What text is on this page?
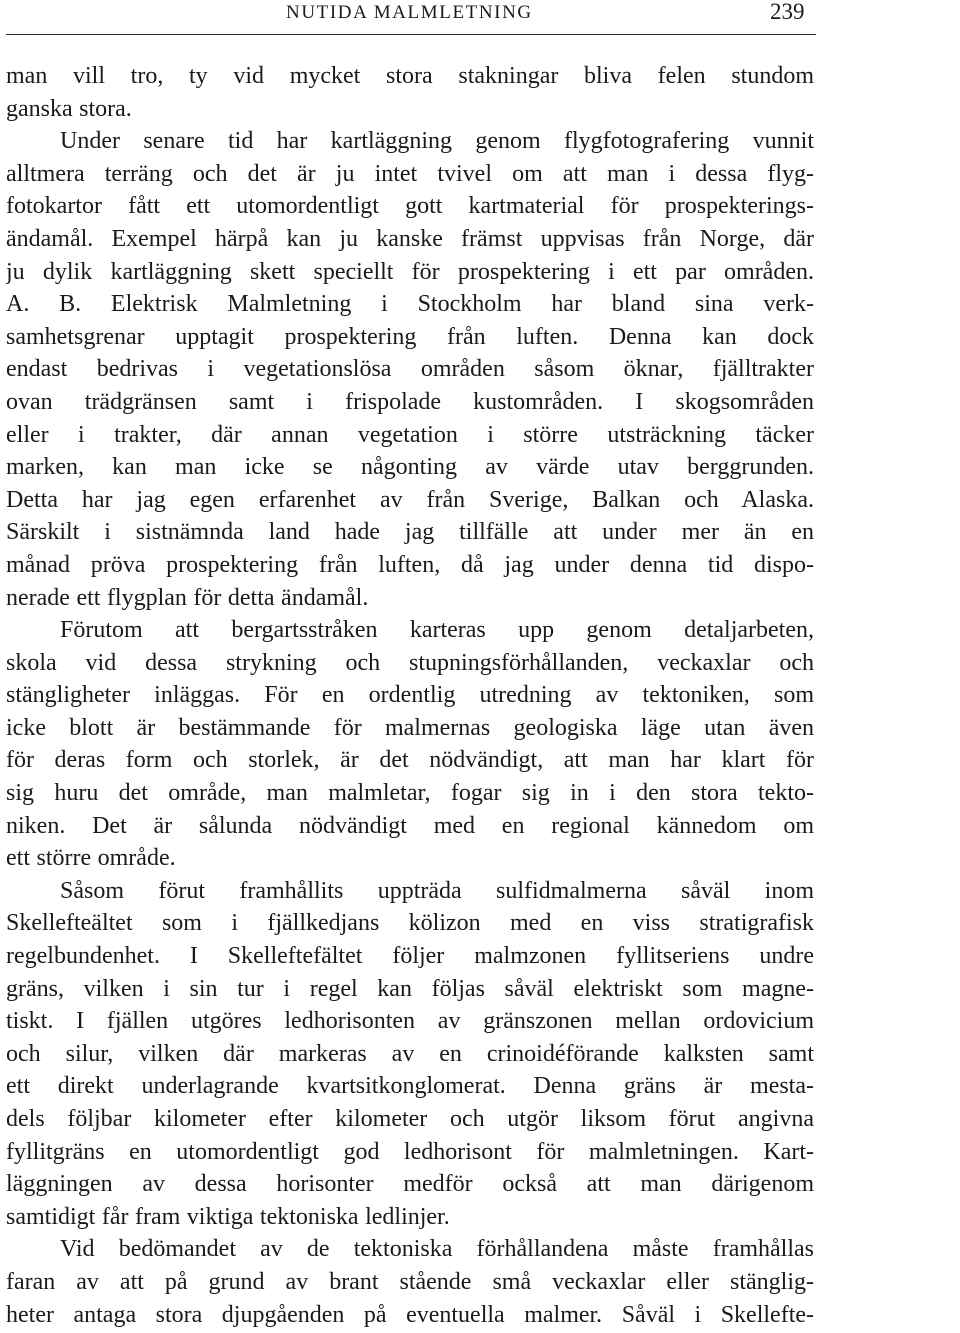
NUTIDA MALMLETNING	239
man vill tro, ty vid mycket stora stakningar bliva felen stundom
ganska stora.
Under senare tid har kartläggning genom flygfotografering vunnit
alltmera terräng och det är ju intet tvivel om att man i dessa flyg-
fotokartor fått ett utomordentligt gott kartmaterial för prospekterings-
ändamål. Exempel härpå kan ju kanske främst uppvisas från Norge, där
ju dylik kartläggning skett speciellt för prospektering i ett par områden.
A. B. Elektrisk Malmletning i Stockholm har bland sina verk-
samhetsgrenar upptagit prospektering från luften. Denna kan dock
endast bedrivas i vegetationslösa områden såsom öknar, fjälltrakter
ovan trädgränsen samt i frispolade kustområden. I skogsområden
eller i trakter, där annan vegetation i större utsträckning täcker
marken, kan man icke se någonting av värde utav berggrunden.
Detta har jag egen erfarenhet av från Sverige, Balkan och Alaska.
Särskilt i sistnämnda land hade jag tillfälle att under mer än en
månad pröva prospektering från luften, då jag under denna tid dispo-
nerade ett flygplan för detta ändamål.
Förutom att bergartsstråken karteras upp genom detaljarbeten,
skola vid dessa strykning och stupningsförhållanden, veckaxlar och
stängligheter inläggas. För en ordentlig utredning av tektoniken, som
icke blott är bestämmande för malmernas geologiska läge utan även
för deras form och storlek, är det nödvändigt, att man har klart för
sig huru det område, man malmletar, fogar sig in i den stora tekto-
niken. Det är sålunda nödvändigt med en regional kännedom om
ett större område.
Såsom förut framhållits uppträda sulfidmalmerna såväl inom
Skellefteältet som i fjällkedjans kölizon med en viss stratigrafisk
regelbundenhet. I Skelleftefältet följer malmzonen fyllitseriens undre
gräns, vilken i sin tur i regel kan följas såväl elektriskt som magne-
tiskt. I fjällen utgöres ledhorisonten av gränszonen mellan ordovicium
och silur, vilken där markeras av en crinoidéförande kalksten samt
ett direkt underlagrande kvartsitkonglomerat. Denna gräns är mesta-
dels följbar kilometer efter kilometer och utgör liksom förut angivna
fyllitgräns en utomordentligt god ledhorisont för malmletningen. Kart-
läggningen av dessa horisonter medför också att man därigenom
samtidigt får fram viktiga tektoniska ledlinjer.
Vid bedömandet av de tektoniska förhållandena måste framhållas
faran av att på grund av brant stående små veckaxlar eller stänglig-
heter antaga stora djupgåenden på eventuella malmer. Såväl i Skellefte-
